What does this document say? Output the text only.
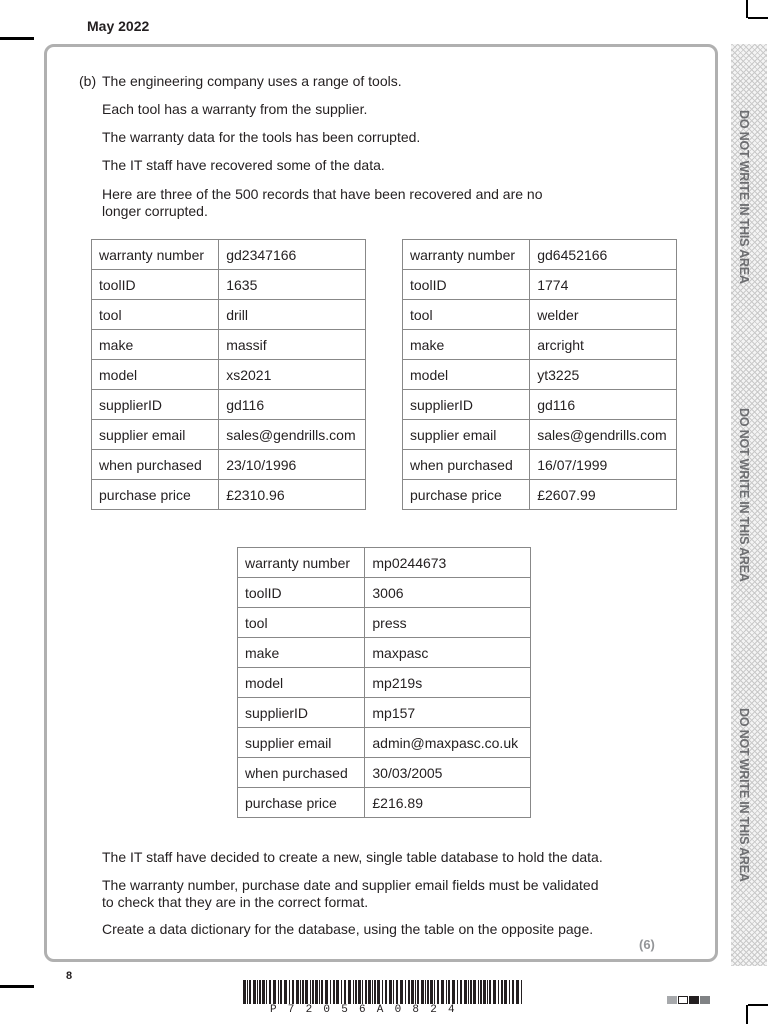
May 2022
DO NOT WRITE IN THIS AREA
DO NOT WRITE IN THIS AREA
DO NOT WRITE IN THIS AREA
(b) The engineering company uses a range of tools.
Each tool has a warranty from the supplier.
The warranty data for the tools has been corrupted.
The IT staff have recovered some of the data.
Here are three of the 500 records that have been recovered and are no
longer corrupted.
warranty number	gd2347166
toolID	1635
tool	drill
make	massif
model	xs2021
supplierID	gd116
supplier email	sales@gendrills.com
when purchased	23/10/1996
purchase price	£2310.96
warranty number	gd6452166
toolID	1774
tool	welder
make	arcright
model	yt3225
supplierID	gd116
supplier email	sales@gendrills.com
when purchased	16/07/1999
purchase price	£2607.99
warranty number	mp0244673
toolID	3006
tool	press
make	maxpasc
model	mp219s
supplierID	mp157
supplier email	admin@maxpasc.co.uk
when purchased	30/03/2005
purchase price	£216.89
The IT staff have decided to create a new, single table database to hold the data.
The warranty number, purchase date and supplier email fields must be validated
to check that they are in the correct format.
Create a data dictionary for the database, using the table on the opposite page.
(6)
8
P72056A0824
